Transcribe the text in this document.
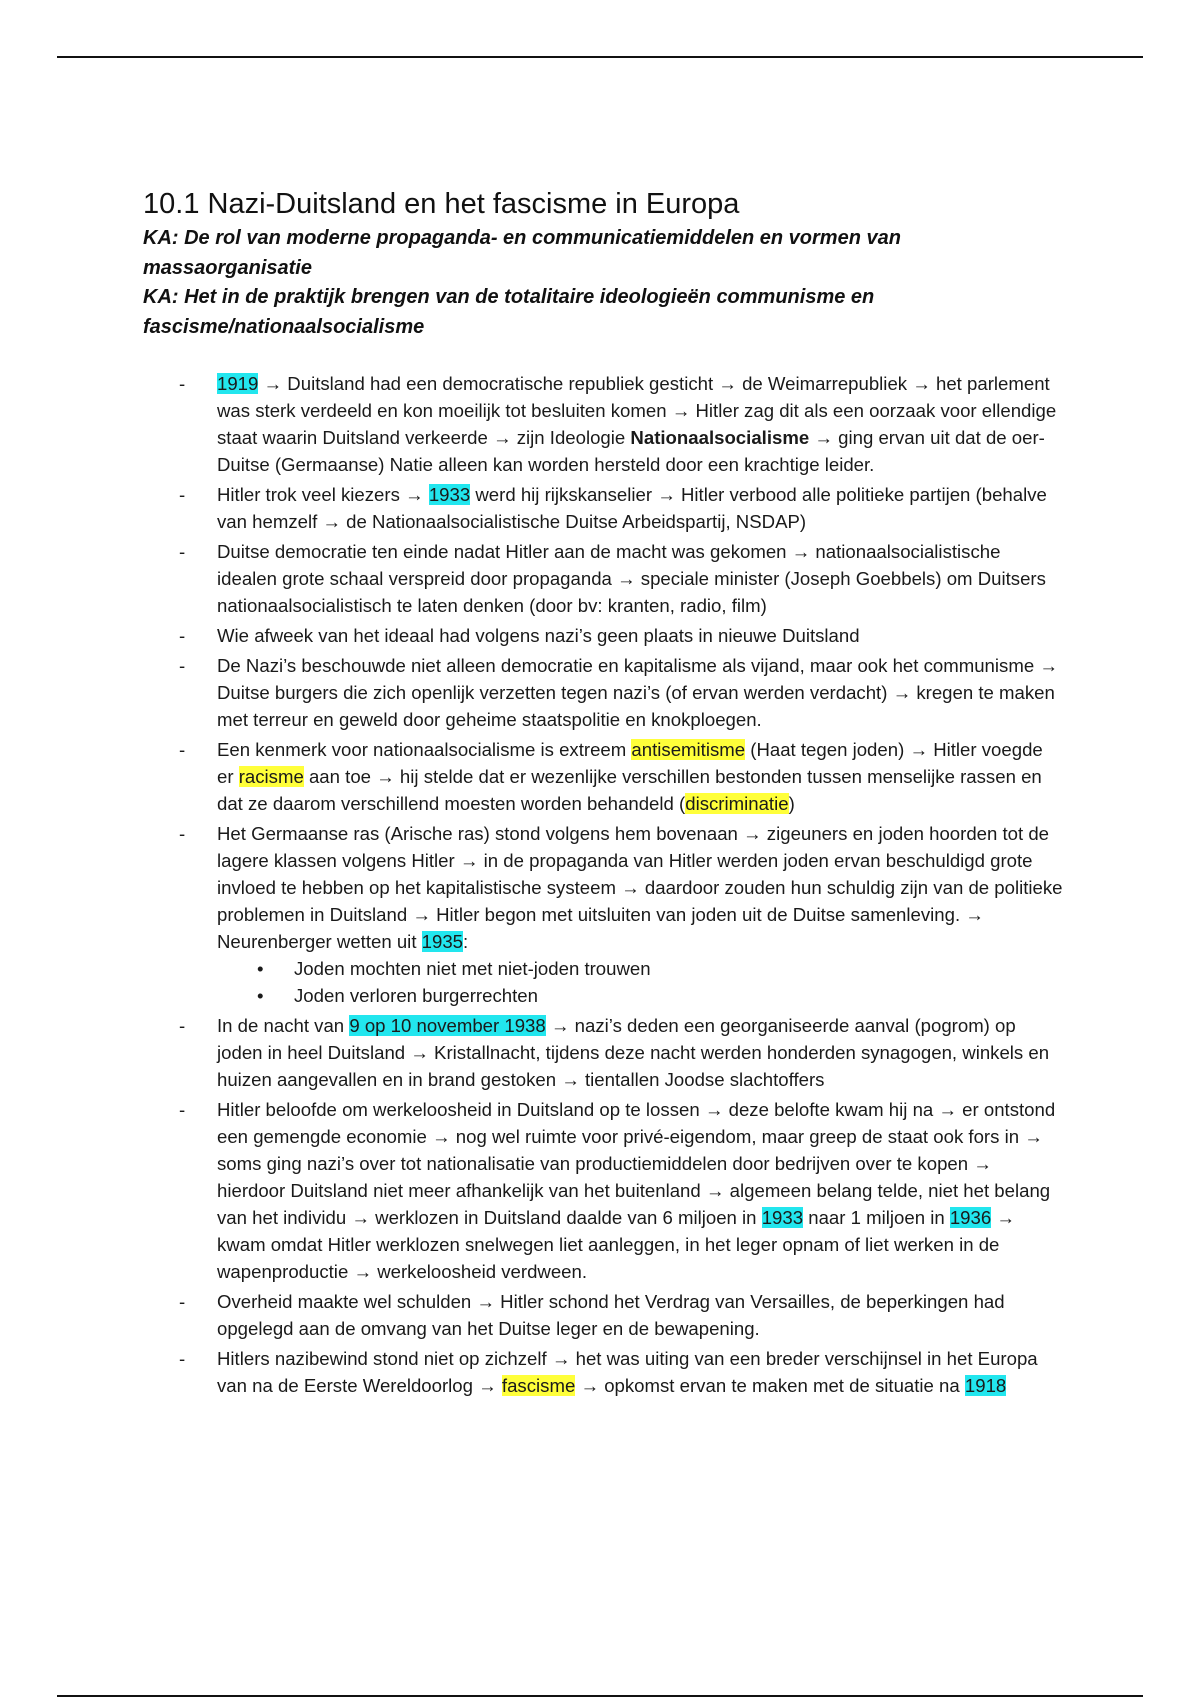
10.1 Nazi-Duitsland en het fascisme in Europa

KA: De rol van moderne propaganda- en communicatiemiddelen en vormen van massaorganisatie

KA: Het in de praktijk brengen van de totalitaire ideologieën communisme en fascisme/nationaalsocialisme

- 1919 → Duitsland had een democratische republiek gesticht → de Weimarrepubliek → het parlement was sterk verdeeld en kon moeilijk tot besluiten komen → Hitler zag dit als een oorzaak voor ellendige staat waarin Duitsland verkeerde → zijn Ideologie Nationaalsocialisme → ging ervan uit dat de oer-Duitse (Germaanse) Natie alleen kan worden hersteld door een krachtige leider.
- Hitler trok veel kiezers → 1933 werd hij rijkskanselier → Hitler verbood alle politieke partijen (behalve van hemzelf → de Nationaalsocialistische Duitse Arbeidspartij, NSDAP)
- Duitse democratie ten einde nadat Hitler aan de macht was gekomen → nationaalsocialistische idealen grote schaal verspreid door propaganda → speciale minister (Joseph Goebbels) om Duitsers nationaalsocialistisch te laten denken (door bv: kranten, radio, film)
- Wie afweek van het ideaal had volgens nazi’s geen plaats in nieuwe Duitsland
- De Nazi’s beschouwde niet alleen democratie en kapitalisme als vijand, maar ook het communisme → Duitse burgers die zich openlijk verzetten tegen nazi’s (of ervan werden verdacht) → kregen te maken met terreur en geweld door geheime staatspolitie en knokploegen.
- Een kenmerk voor nationaalsocialisme is extreem antisemitisme (Haat tegen joden) → Hitler voegde er racisme aan toe → hij stelde dat er wezenlijke verschillen bestonden tussen menselijke rassen en dat ze daarom verschillend moesten worden behandeld (discriminatie)
- Het Germaanse ras (Arische ras) stond volgens hem bovenaan → zigeuners en joden hoorden tot de lagere klassen volgens Hitler → in de propaganda van Hitler werden joden ervan beschuldigd grote invloed te hebben op het kapitalistische systeem → daardoor zouden hun schuldig zijn van de politieke problemen in Duitsland → Hitler begon met uitsluiten van joden uit de Duitse samenleving. → Neurenberger wetten uit 1935:
• Joden mochten niet met niet-joden trouwen
• Joden verloren burgerrechten
- In de nacht van 9 op 10 november 1938 → nazi’s deden een georganiseerde aanval (pogrom) op joden in heel Duitsland → Kristallnacht, tijdens deze nacht werden honderden synagogen, winkels en huizen aangevallen en in brand gestoken → tientallen Joodse slachtoffers
- Hitler beloofde om werkeloosheid in Duitsland op te lossen → deze belofte kwam hij na → er ontstond een gemengde economie → nog wel ruimte voor privé-eigendom, maar greep de staat ook fors in → soms ging nazi’s over tot nationalisatie van productiemiddelen door bedrijven over te kopen → hierdoor Duitsland niet meer afhankelijk van het buitenland → algemeen belang telde, niet het belang van het individu → werklozen in Duitsland daalde van 6 miljoen in 1933 naar 1 miljoen in 1936 → kwam omdat Hitler werklozen snelwegen liet aanleggen, in het leger opnam of liet werken in de wapenproductie → werkeloosheid verdween.
- Overheid maakte wel schulden → Hitler schond het Verdrag van Versailles, de beperkingen had opgelegd aan de omvang van het Duitse leger en de bewapening.
- Hitlers nazibewind stond niet op zichzelf → het was uiting van een breder verschijnsel in het Europa van na de Eerste Wereldoorlog → fascisme → opkomst ervan te maken met de situatie na 1918
